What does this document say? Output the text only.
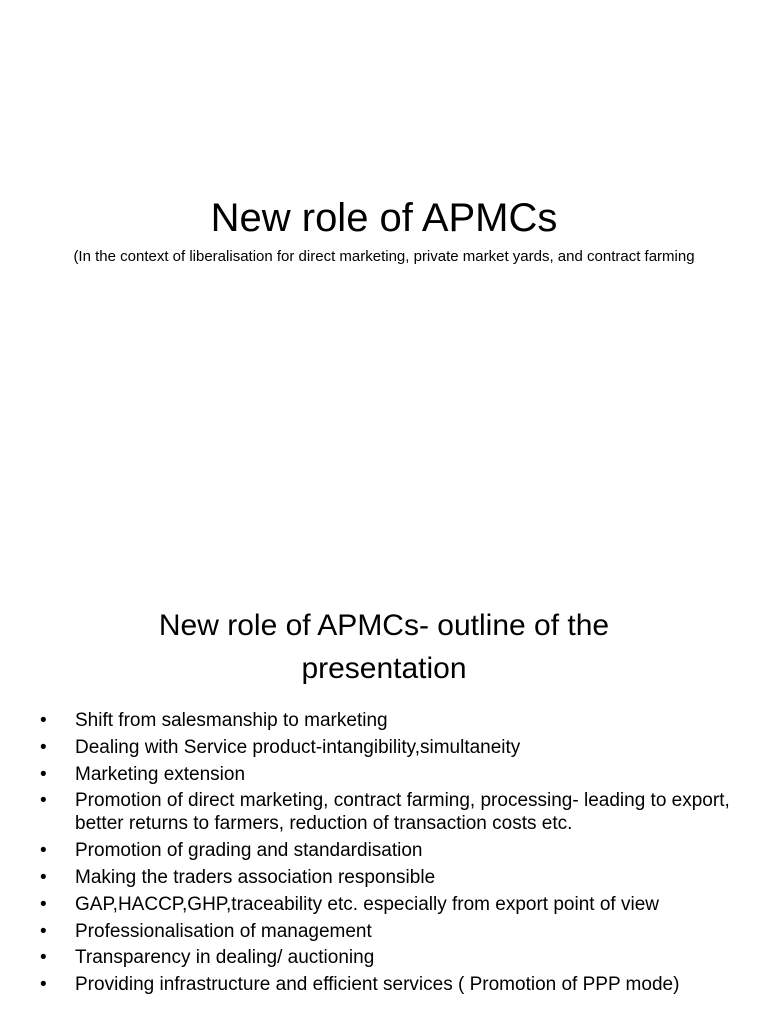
New role of APMCs
(In the context of liberalisation for direct marketing, private market yards, and contract farming
New role of APMCs- outline of the presentation
•	Shift from salesmanship to marketing
•	Dealing with Service product-intangibility,simultaneity
•	Marketing extension
•	Promotion of direct marketing, contract farming, processing- leading to export, better returns to farmers, reduction of transaction costs etc.
•	Promotion of grading and standardisation
•	Making the traders association responsible
•	GAP,HACCP,GHP,traceability etc. especially from export point of view
•	Professionalisation of management
•	Transparency in dealing/ auctioning
•	Providing infrastructure and efficient services ( Promotion of PPP mode)
